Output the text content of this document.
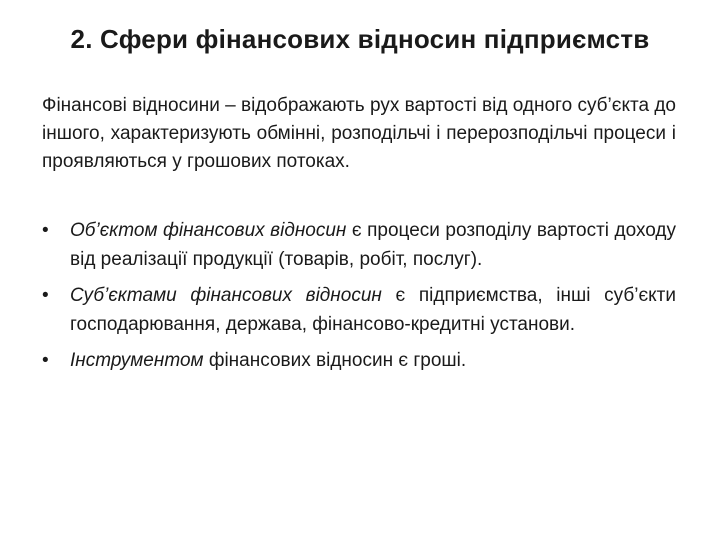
2. Сфери фінансових відносин підприємств
Фінансові відносини – відображають рух вартості від одного суб’єкта до іншого, характеризують обмінні, розподільчі і перерозподільчі процеси і проявляються у грошових потоках.
•	Об’єктом фінансових відносин є процеси розподілу вартості доходу від реалізації продукції (товарів, робіт, послуг).
•	Суб’єктами фінансових відносин є підприємства, інші суб’єкти господарювання, держава, фінансово-кредитні установи.
•	Інструментом фінансових відносин є гроші.
